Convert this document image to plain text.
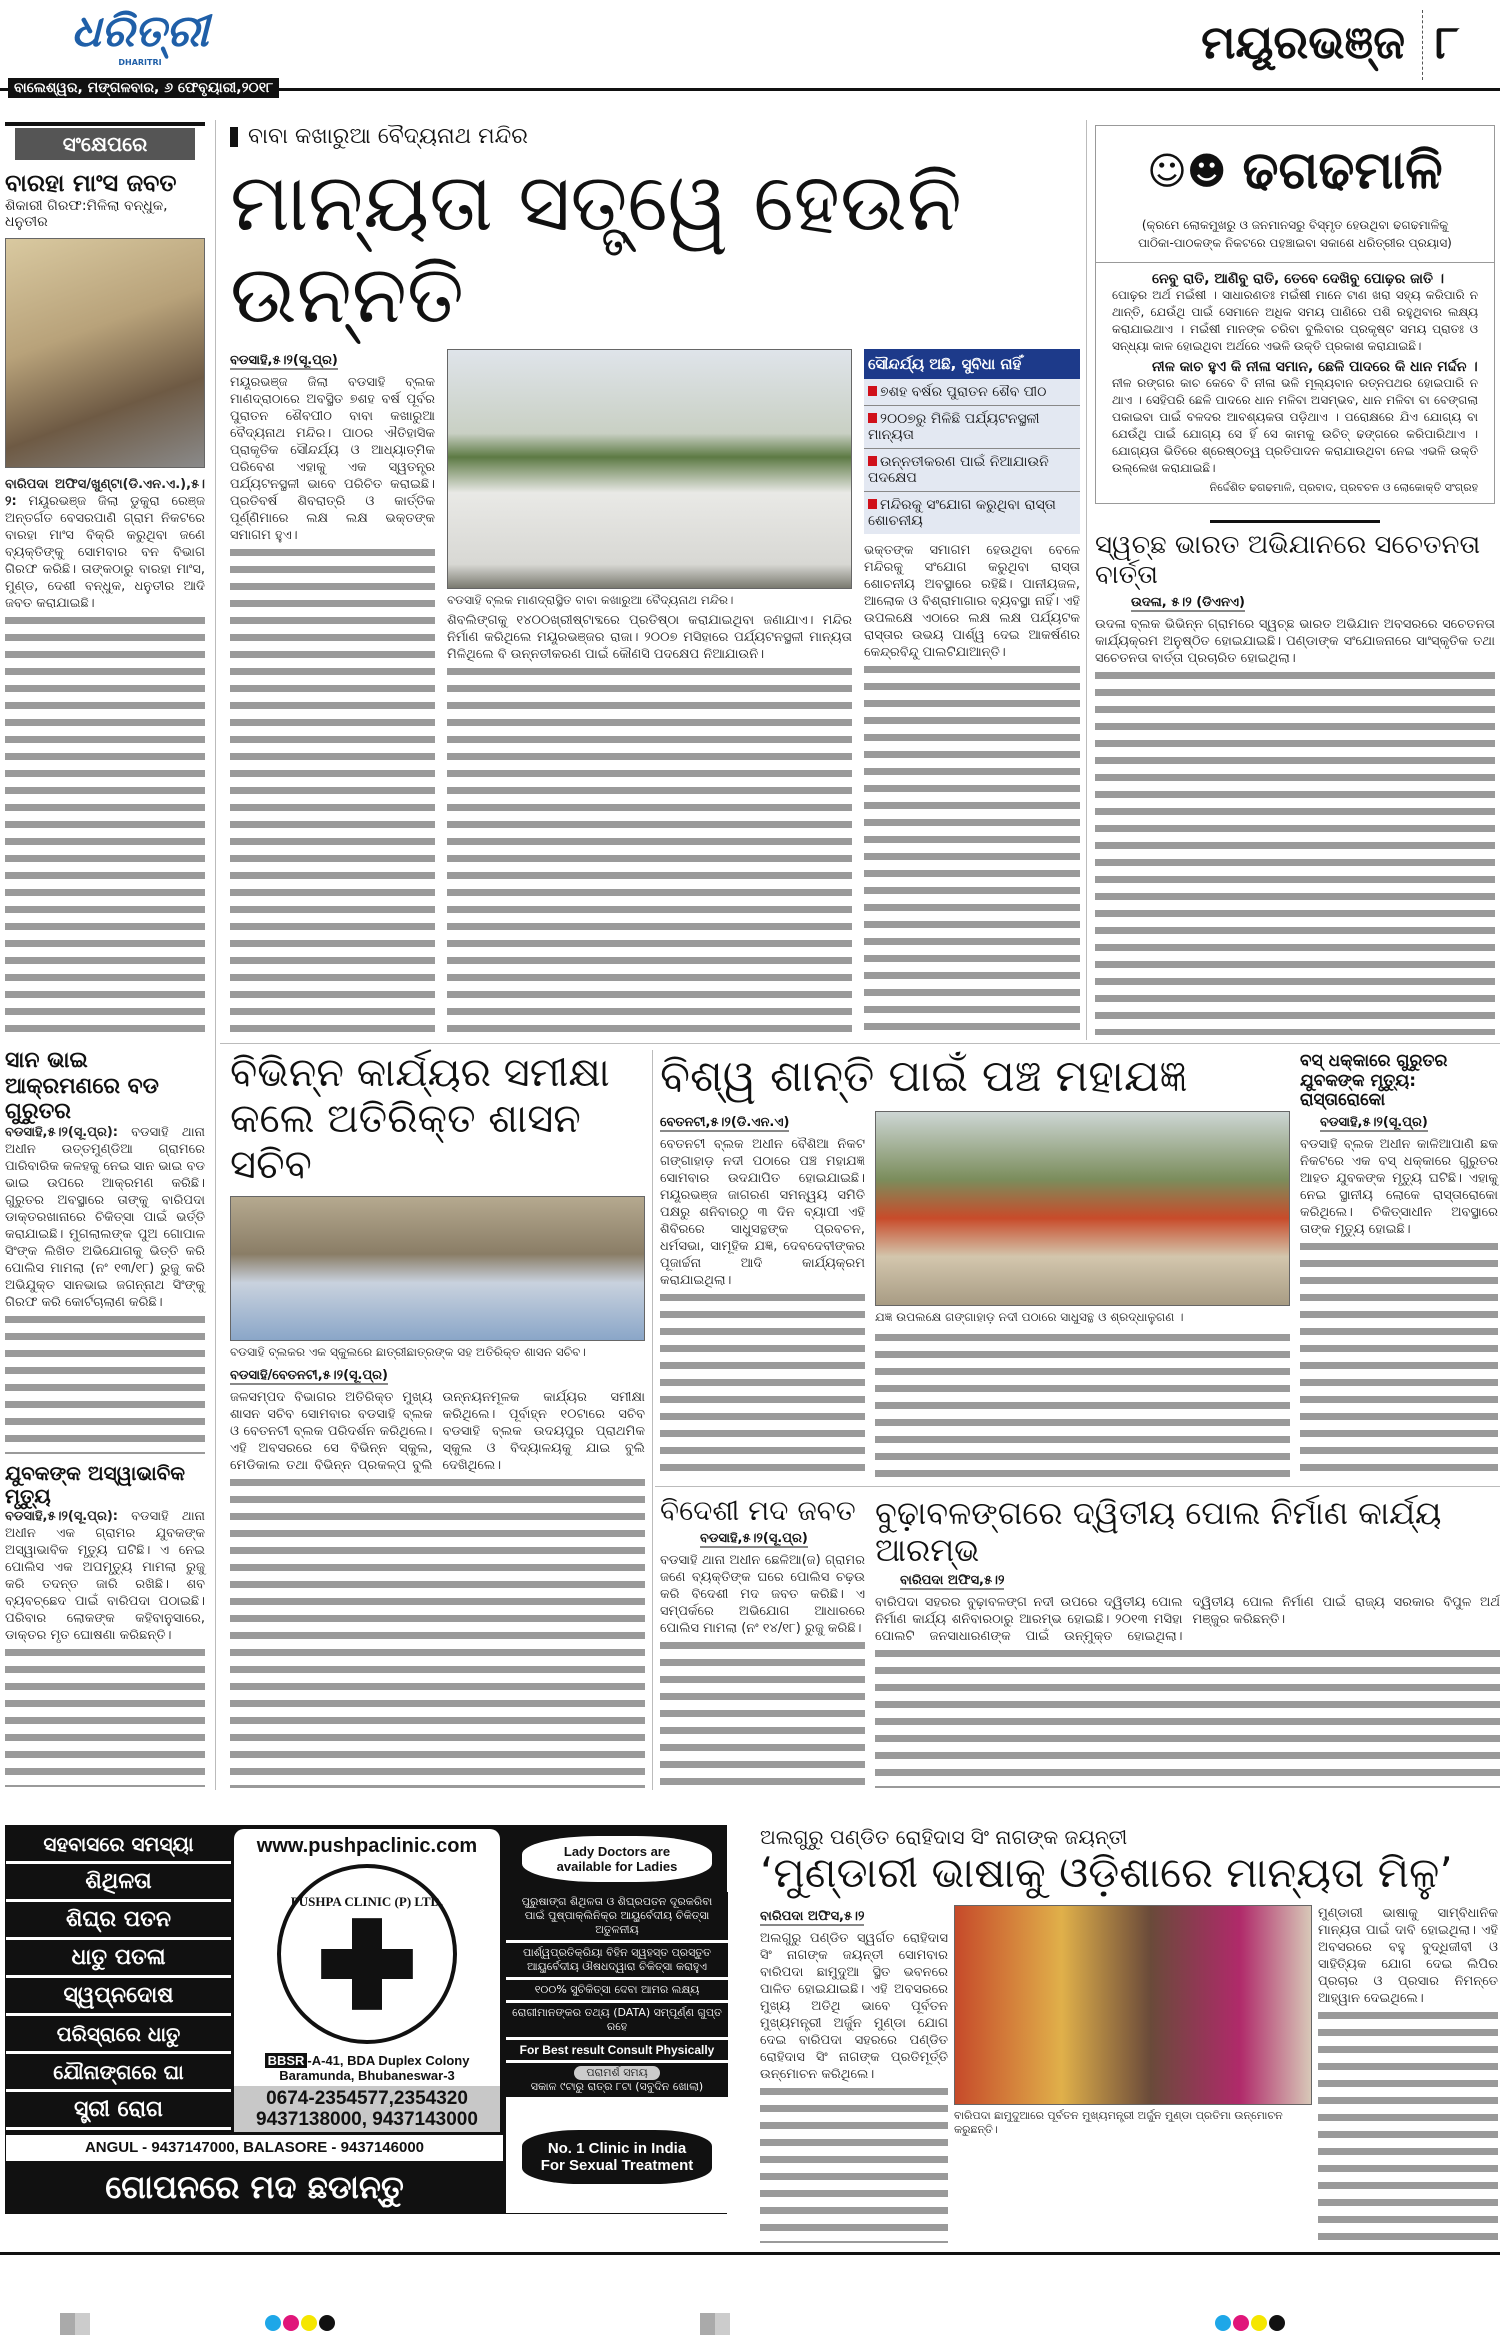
ଧରିତ୍ରୀ
DHARITRI
ବାଲେଶ୍ୱର, ମଙ୍ଗଳବାର, ୬ ଫେବୃୟାରୀ,୨୦୧୮
ମୟୂରଭଞ୍ଜ ୮
ସଂକ୍ଷେପରେ
ବାରହା ମାଂସ ଜବତ
ଶିକାରୀ ଗିରଫ:ମିଳିଲା ବନ୍ଧୁକ, ଧନୁତୀର
ବାରିପଦା ଅଫିସ/ଖୁଣ୍ଟା(ଡି.ଏନ.ଏ.),୫।୨: ମୟୂରଭଞ୍ଜ ଜିଲା ଡୁକୁରା ରେଞ୍ଜ ଅନ୍ତର୍ଗତ ବେସରପାଣି ଗ୍ରାମ ନିକଟରେ ବାରହା ମାଂସ ବିକ୍ରି କରୁଥିବା ଜଣେ ବ୍ୟକ୍ତିଙ୍କୁ ସୋମବାର ବନ ବିଭାଗ ଗିରଫ କରିଛି। ତାଙ୍କଠାରୁ ବାରହା ମାଂସ, ମୁଣ୍ଡ, ଦେଶୀ ବନ୍ଧୁକ, ଧନୁତୀର ଆଦି ଜବତ କରାଯାଇଛି।
ସାନ ଭାଇ ଆକ୍ରମଣରେ ବଡ ଗୁରୁତର
ବଡସାହି,୫।୨(ସୂ.ପ୍ର): ବଡସାହି ଥାନା ଅଧୀନ ଉତ୍ତମୁଣ୍ଡିଆ ଗ୍ରାମରେ ପାରିବାରିକ କଳହକୁ ନେଇ ସାନ ଭାଇ ବଡ ଭାଇ ଉପରେ ଆକ୍ରମଣ କରିଛି। ଗୁରୁତର ଅବସ୍ଥାରେ ତାଙ୍କୁ ବାରିପଦା ଡାକ୍ତରଖାନାରେ ଚିକିତ୍ସା ପାଇଁ ଭର୍ତ୍ତି କରାଯାଇଛି। ମୁଗଲାଲଙ୍କ ପୁଅ ଗୋପାଳ ସିଂଙ୍କ ଲିଖିତ ଅଭିଯୋଗକୁ ଭିତ୍ତି କରି ପୋଲିସ ମାମଲା (ନଂ ୧୩/୧୮) ରୁଜୁ କରି ଅଭିଯୁକ୍ତ ସାନଭାଇ ଜଗନ୍ନାଥ ସିଂଙ୍କୁ ଗିରଫ କରି କୋର୍ଟଚାଲାଣ କରିଛି।
ଯୁବକଙ୍କ ଅସ୍ୱାଭାବିକ ମୃତ୍ୟୁ
ବଡସାହି,୫।୨(ସୂ.ପ୍ର): ବଡସାହି ଥାନା ଅଧୀନ ଏକ ଗ୍ରାମର ଯୁବକଙ୍କ ଅସ୍ୱାଭାବିକ ମୃତ୍ୟୁ ଘଟିଛି। ଏ ନେଇ ପୋଲିସ ଏକ ଅପମୃତ୍ୟୁ ମାମଲା ରୁଜୁ କରି ତଦନ୍ତ ଜାରି ରଖିଛି। ଶବ ବ୍ୟବଚ୍ଛେଦ ପାଇଁ ବାରିପଦା ପଠାଇଛି। ପରିବାର ଲୋକଙ୍କ କହିବାନୁସାରେ, ଡାକ୍ତର ମୃତ ଘୋଷଣା କରିଛନ୍ତି।
ବାବା କଖାରୁଆ ବୈଦ୍ୟନାଥ ମନ୍ଦିର
ମାନ୍ୟତା ସତ୍ତ୍ୱେ ହେଉନି ଉନ୍ନତି
ବଡସାହି,୫।୨(ସୂ.ପ୍ର)
ମୟୂରଭଞ୍ଜ ଜିଲା ବଡସାହି ବ୍ଲକ ମାଣଦ୍ରାଠାରେ ଅବସ୍ଥିତ ୭ଶହ ବର୍ଷ ପୂର୍ବର ପୁରାତନ ଶୈବପୀଠ ବାବା କଖାରୁଆ ବୈଦ୍ୟନାଥ ମନ୍ଦିର। ପାଠର ଐତିହାସିକ ପ୍ରାକୃତିକ ସୌନ୍ଦର୍ଯ୍ୟ ଓ ଆଧ୍ୟାତ୍ମିକ ପରିବେଶ ଏହାକୁ ଏକ ସ୍ୱତନ୍ତ୍ର ପର୍ଯ୍ୟଟନସ୍ଥଳୀ ଭାବେ ପରିଚିତ କରାଇଛି। ପ୍ରତିବର୍ଷ ଶିବରାତ୍ରି ଓ କାର୍ତ୍ତିକ ପୂର୍ଣ୍ଣିମାରେ ଲକ୍ଷ ଲକ୍ଷ ଭକ୍ତଙ୍କ ସମାଗମ ହୁଏ।
ବଡସାହି ବ୍ଲକ ମାଣଦ୍ରାସ୍ଥିତ ବାବା କଖାରୁଆ ବୈଦ୍ୟନାଥ ମନ୍ଦିର।
ଶିବଲିଙ୍ଗକୁ ୧୪୦୦ଖ୍ରୀଷ୍ଟାବ୍ଦରେ ପ୍ରତିଷ୍ଠା କରାଯାଇଥିବା ଜଣାଯାଏ। ମନ୍ଦିର ନିର୍ମାଣ କରିଥିଲେ ମୟୂରଭଞ୍ଜର ରାଜା। ୨୦୦୭ ମସିହାରେ ପର୍ଯ୍ୟଟନସ୍ଥଳୀ ମାନ୍ୟତା ମିଳିଥିଲେ ବି ଉନ୍ନତୀକରଣ ପାଇଁ କୌଣସି ପଦକ୍ଷେପ ନିଆଯାଉନି।
ସୌନ୍ଦର୍ଯ୍ୟ ଅଛି, ସୁବିଧା ନାହିଁ
୭ଶହ ବର୍ଷର ପୁରାତନ ଶୈବ ପୀଠ
୨୦୦୭ରୁ ମିଳିଛି ପର୍ଯ୍ୟଟନସ୍ଥଳୀ ମାନ୍ୟତା
ଉନ୍ନତୀକରଣ ପାଇଁ ନିଆଯାଉନି ପଦକ୍ଷେପ
ମନ୍ଦିରକୁ ସଂଯୋଗ କରୁଥିବା ରାସ୍ତା ଶୋଚନୀୟ
ଭକ୍ତଙ୍କ ସମାଗମ ହେଉଥିବା ବେଳେ ମନ୍ଦିରକୁ ସଂଯୋଗ କରୁଥିବା ରାସ୍ତା ଶୋଚନୀୟ ଅବସ୍ଥାରେ ରହିଛି। ପାନୀୟଜଳ, ଆଲୋକ ଓ ବିଶ୍ରାମାଗାର ବ୍ୟବସ୍ଥା ନାହିଁ। ଏହି ଉପଲକ୍ଷେ ଏଠାରେ ଲକ୍ଷ ଲକ୍ଷ ପର୍ଯ୍ୟଟକ ରାସ୍ତାର ଉଭୟ ପାର୍ଶ୍ୱ ଦେଇ ଆକର୍ଷଣର କେନ୍ଦ୍ରବିନ୍ଦୁ ପାଲଟିଯାଆନ୍ତି।
☺☻ ଢଗଢମାଳି
(କ୍ରମେ ଲୋକମୁଖରୁ ଓ ଜନମାନସରୁ ବିସ୍ମୃତ ହେଉଥିବା ଢଗଢମାଳିକୁ ପାଠିକା-ପାଠକଙ୍କ ନିକଟରେ ପହଞ୍ଚାଇବା ସକାଶେ ଧରିତ୍ରୀର ପ୍ରୟାସ)
ନେବୁ ରାତି, ଆଣିବୁ ରାତି, ତେବେ ଦେଖିବୁ ପୋଢ଼ର ଜାତି ।
ପୋଢ଼ର ଅର୍ଥ ମଇଁଷୀ । ସାଧାରଣତଃ ମଇଁଷୀ ମାନେ ଟାଣ ଖରା ସହ୍ୟ କରିପାରି ନ ଥାନ୍ତି, ଯେଉଁଥି ପାଇଁ ସେମାନେ ଅଧିକ ସମୟ ପାଣିରେ ପଶି ରହୁଥିବାର ଲକ୍ଷ୍ୟ କରାଯାଇଥାଏ । ମଇଁଷୀ ମାନଙ୍କ ଚରିବା ବୁଲିବାର ପ୍ରକୃଷ୍ଟ ସମୟ ପ୍ରାତଃ ଓ ସନ୍ଧ୍ୟା କାଳ ହୋଇଥିବା ଅର୍ଥରେ ଏଭଳି ଉକ୍ତି ପ୍ରକାଶ କରାଯାଇଛି।
ନୀଳ କାଚ ହୁଏ କି ନୀଳା ସମାନ, ଛେଳି ପାଦରେ କି ଧାନ ମର୍ଦ୍ଦନ ।
ନୀଳ ରଙ୍ଗର କାଚ କେବେ ବି ନୀଳା ଭଳି ମୂଲ୍ୟବାନ ରତ୍ନପଥର ହୋଇପାରି ନ ଥାଏ । ସେହିପରି ଛେଳି ପାଦରେ ଧାନ ମଳିବା ଅସମ୍ଭବ, ଧାନ ମଳିବା ବା ବେଙ୍ଗଲା ପକାଇବା ପାଇଁ ବଳଦର ଆବଶ୍ୟକତା ପଡ଼ିଥାଏ । ପରୋକ୍ଷରେ ଯିଏ ଯୋଗ୍ୟ ବା ଯେଉଁଥି ପାଇଁ ଯୋଗ୍ୟ ସେ ହିଁ ସେ କାମକୁ ଉଚିତ୍ ଢଙ୍ଗରେ କରିପାରିଥାଏ । ଯୋଗ୍ୟତା ଭିତିରେ ଶ୍ରେଷ୍ଠତ୍ୱ ପ୍ରତିପାଦନ କରାଯାଉଥିବା ନେଇ ଏଭଳି ଉକ୍ତି ଉଲ୍ଲେଖ କରାଯାଇଛି।
ନିର୍ଦ୍ଦେଶିତ ଢଗଢମାଳି, ପ୍ରବାଦ, ପ୍ରବଚନ ଓ ଲୋକୋକ୍ତି ସଂଗ୍ରହ
ସ୍ୱଚ୍ଛ ଭାରତ ଅଭିଯାନରେ ସଚେତନତା ବାର୍ତ୍ତା
ଉଦଳା, ୫।୨ (ଡିଏନଏ)
ଉଦଳା ବ୍ଲକ ଭିଭିନ୍ନ ଗ୍ରାମରେ ସ୍ୱଚ୍ଛ ଭାରତ ଅଭିଯାନ ଅବସରରେ ସଚେତନତା କାର୍ଯ୍ୟକ୍ରମ ଅନୁଷ୍ଠିତ ହୋଇଯାଇଛି। ପଣ୍ଡାଙ୍କ ସଂଯୋଜନାରେ ସାଂସ୍କୃତିକ ତଥା ସଚେତନତା ବାର୍ତ୍ତା ପ୍ରଚାରିତ ହୋଇଥିଲା।
ବିଭିନ୍ନ କାର୍ଯ୍ୟର ସମୀକ୍ଷା
କଲେ ଅତିରିକ୍ତ ଶାସନ ସଚିବ
ବଡସାହି ବ୍ଲକର ଏକ ସ୍କୁଲରେ ଛାତ୍ରୀଛାତ୍ରଙ୍କ ସହ ଅତିରିକ୍ତ ଶାସନ ସଚିବ।
ବଡସାହି/ବେତନଟୀ,୫।୨(ସୂ.ପ୍ର)
ଜଳସମ୍ପଦ ବିଭାଗର ଅତିରିକ୍ତ ମୁଖ୍ୟ ଶାସନ ସଚିବ ସୋମବାର ବଡସାହି ବ୍ଲକ ଓ ବେତନଟୀ ବ୍ଲକ ପରିଦର୍ଶନ କରିଥିଲେ। ଏହି ଅବସରରେ ସେ ବିଭିନ୍ନ ସ୍କୁଲ, ମେଡିକାଲ ତଥା ବିଭିନ୍ନ ପ୍ରକଳ୍ପ ବୁଲି ଉନ୍ନୟନମୂଳକ କାର୍ଯ୍ୟର ସମୀକ୍ଷା କରିଥିଲେ। ପୂର୍ବାହ୍ନ ୧୦ଟାରେ ସଚିବ ବଡସାହି ବ୍ଲକ ଉଦୟପୁର ପ୍ରାଥମିକ ସ୍କୁଲ ଓ ବିଦ୍ୟାଳୟକୁ ଯାଇ ବୁଲି ଦେଖିଥିଲେ।
ବିଶ୍ୱ ଶାନ୍ତି ପାଇଁ ପଞ୍ଚ ମହାଯଜ୍ଞ
ବେତନଟୀ,୫।୨(ଡି.ଏନ.ଏ)
ବେତନଟୀ ବ୍ଲକ ଅଧୀନ ବୈଶିଆ ନିକଟ ଗଙ୍ଗାହାଡ଼ ନଦୀ ପଠାରେ ପଞ୍ଚ ମହାଯଜ୍ଞ ସୋମବାର ଉଦଯାପିତ ହୋଇଯାଇଛି। ମୟୂରଭଞ୍ଜ ଜାଗରଣ ସମନ୍ୱୟ ସମିତି ପକ୍ଷରୁ ଶନିବାରଠୁ ୩ ଦିନ ବ୍ୟାପୀ ଏହି ଶିବିରରେ ସାଧୁସନ୍ଥଙ୍କ ପ୍ରବଚନ, ଧର୍ମସଭା, ସାମୂହିକ ଯଜ୍ଞ, ଦେବଦେବୀଙ୍କର ପୂଜାର୍ଚ୍ଚନା ଆଦି କାର୍ଯ୍ୟକ୍ରମ କରାଯାଇଥିଲା।
ଯଜ୍ଞ ଉପଲକ୍ଷେ ଗଙ୍ଗାହାଡ଼ ନଦୀ ପଠାରେ ସାଧୁସନ୍ଥ ଓ ଶ୍ରଦ୍ଧାଳୁଗଣ ।
ବସ୍ ଧକ୍କାରେ ଗୁରୁତର ଯୁବକଙ୍କ ମୃତ୍ୟୁ: ରାସ୍ତାରୋକୋ
ବଡସାହି,୫।୨(ସୂ.ପ୍ର)
ବଡସାହି ବ୍ଲକ ଅଧୀନ କାଳିଆପାଣି ଛକ ନିକଟରେ ଏକ ବସ୍ ଧକ୍କାରେ ଗୁରୁତର ଆହତ ଯୁବକଙ୍କ ମୃତ୍ୟୁ ଘଟିଛି। ଏହାକୁ ନେଇ ସ୍ଥାନୀୟ ଲୋକେ ରାସ୍ତାରୋକୋ କରିଥିଲେ। ଚିକିତ୍ସାଧୀନ ଅବସ୍ଥାରେ ତାଙ୍କ ମୃତ୍ୟୁ ହୋଇଛି।
ବିଦେଶୀ ମଦ ଜବତ
ବଡସାହି,୫।୨(ସୂ.ପ୍ର)
ବଡସାହି ଥାନା ଅଧୀନ ଛେଳିଆ(ଜ) ଗ୍ରାମର ଜଣେ ବ୍ୟକ୍ତିଙ୍କ ଘରେ ପୋଲିସ ଚଢ଼ଉ କରି ବିଦେଶୀ ମଦ ଜବତ କରିଛି। ଏ ସମ୍ପର୍କରେ ଅଭିଯୋଗ ଆଧାରରେ ପୋଲିସ ମାମଲା (ନଂ ୧୪/୧୮) ରୁଜୁ କରିଛି।
ବୁଢ଼ାବଳଙ୍ଗରେ ଦ୍ୱିତୀୟ ପୋଲ ନିର୍ମାଣ କାର୍ଯ୍ୟ ଆରମ୍ଭ
ବାରିପଦା ଅଫିସ,୫।୨
ବାରିପଦା ସହରର ବୁଢ଼ାବଳଙ୍ଗ ନଦୀ ଉପରେ ଦ୍ୱିତୀୟ ପୋଲ ନିର୍ମାଣ କାର୍ଯ୍ୟ ଶନିବାରଠାରୁ ଆରମ୍ଭ ହୋଇଛି। ୨୦୧୩ ମସିହା ପୋଲଟି ଜନସାଧାରଣଙ୍କ ପାଇଁ ଉନ୍ମୁକ୍ତ ହୋଇଥିଲା। ଦ୍ୱିତୀୟ ପୋଲ ନିର୍ମାଣ ପାଇଁ ରାଜ୍ୟ ସରକାର ବିପୁଳ ଅର୍ଥ ମଞ୍ଜୁର କରିଛନ୍ତି।
ସହବାସରେ ସମସ୍ୟା
ଶିଥିଳତା
ଶିଘ୍ର ପତନ
ଧାତୁ ପତଳା
ସ୍ୱପ୍ନଦୋଷ
ପରିସ୍ରାରେ ଧାତୁ
ଯୌନାଙ୍ଗରେ ଘା
ସ୍ତ୍ରୀ ରୋଗ
www.pushpaclinic.com
PUSHPA CLINIC (P) LTD.
BBSR -A-41, BDA Duplex Colony
Baramunda, Bhubaneswar-3
0674-2354577,2354320
9437138000, 9437143000
ANGUL - 9437147000, BALASORE - 9437146000
ଗୋପନରେ ମଦ ଛଡାନ୍ତୁ
Lady Doctors are available for Ladies
ପୁରୁଷାଙ୍ଗ ଶିଥିଳତା ଓ ଶିଘ୍ରପତନ ଦୂରକରିବା ପାଇଁ ପୁଷ୍ପାକ୍ଲିନିକ୍‌ର ଆୟୁର୍ବେଦୀୟ ଚିକିତ୍ସା ଅତୁଳନୀୟ
ପାର୍ଶ୍ୱପ୍ରତିକ୍ରିୟା ବିହିନ ସ୍ୱହସ୍ତ ପ୍ରସ୍ତୁତ ଆୟୁର୍ବେଦୀୟ ଔଷଧଦ୍ୱାରା ଚିକିତ୍ସା କରାହୁଏ
୧୦୦% ସୁଚିକିତ୍ସା ଦେବା ଆମର ଲକ୍ଷ୍ୟ
ରୋଗୀମାନଙ୍କର ତଥ୍ୟ (DATA) ସମ୍ପୂର୍ଣ୍ଣ ଗୁପ୍ତ ରହେ
For Best result Consult Physically
ପରାମର୍ଶ ସମୟ
ସକାଳ ୯ଟାରୁ ରାତ୍ର ୮ଟା (ସବୁଦିନ ଖୋଲା)
No. 1 Clinic in India For Sexual Treatment
ଅଲଗୁରୁ ପଣ୍ଡିତ ରୋହିଦାସ ସିଂ ନାଗଙ୍କ ଜୟନ୍ତୀ
‘ମୁଣ୍ଡାରୀ ଭାଷାକୁ ଓଡ଼ିଶାରେ ମାନ୍ୟତା ମିଳୁ’
ବାରିପଦା ଅଫିସ,୫।୨
ଅଲଗୁରୁ ପଣ୍ଡିତ ସ୍ୱର୍ଗତ ରୋହିଦାସ ସିଂ ନାଗଙ୍କ ଜୟନ୍ତୀ ସୋମବାର ବାରିପଦା ଛାମୁଦୁଆ ସ୍ଥିତ ଭବନରେ ପାଳିତ ହୋଇଯାଇଛି। ଏହି ଅବସରରେ ମୁଖ୍ୟ ଅତିଥି ଭାବେ ପୂର୍ବତନ ମୁଖ୍ୟମନ୍ତ୍ରୀ ଅର୍ଜୁନ ମୁଣ୍ଡା ଯୋଗ ଦେଇ ବାରିପଦା ସହରରେ ପଣ୍ଡିତ ରୋହିଦାସ ସିଂ ନାଗଙ୍କ ପ୍ରତିମୂର୍ତ୍ତି ଉନ୍ମୋଚନ କରିଥିଲେ।
ବାରିପଦା ଛାମୁଦୁଆରେ ପୂର୍ବତନ ମୁଖ୍ୟମନ୍ତ୍ରୀ ଅର୍ଜୁନ ମୁଣ୍ଡା ପ୍ରତିମା ଉନ୍ମୋଚନ କରୁଛନ୍ତି।
ମୁଣ୍ଡାରୀ ଭାଷାକୁ ସାମ୍ବିଧାନିକ ମାନ୍ୟତା ପାଇଁ ଦାବି ହୋଇଥିଲା। ଏହି ଅବସରରେ ବହୁ ବୁଦ୍ଧିଜୀବୀ ଓ ସାହିତ୍ୟିକ ଯୋଗ ଦେଇ ଲିପିର ପ୍ରଚାର ଓ ପ୍ରସାର ନିମନ୍ତେ ଆହ୍ୱାନ ଦେଇଥିଲେ।
